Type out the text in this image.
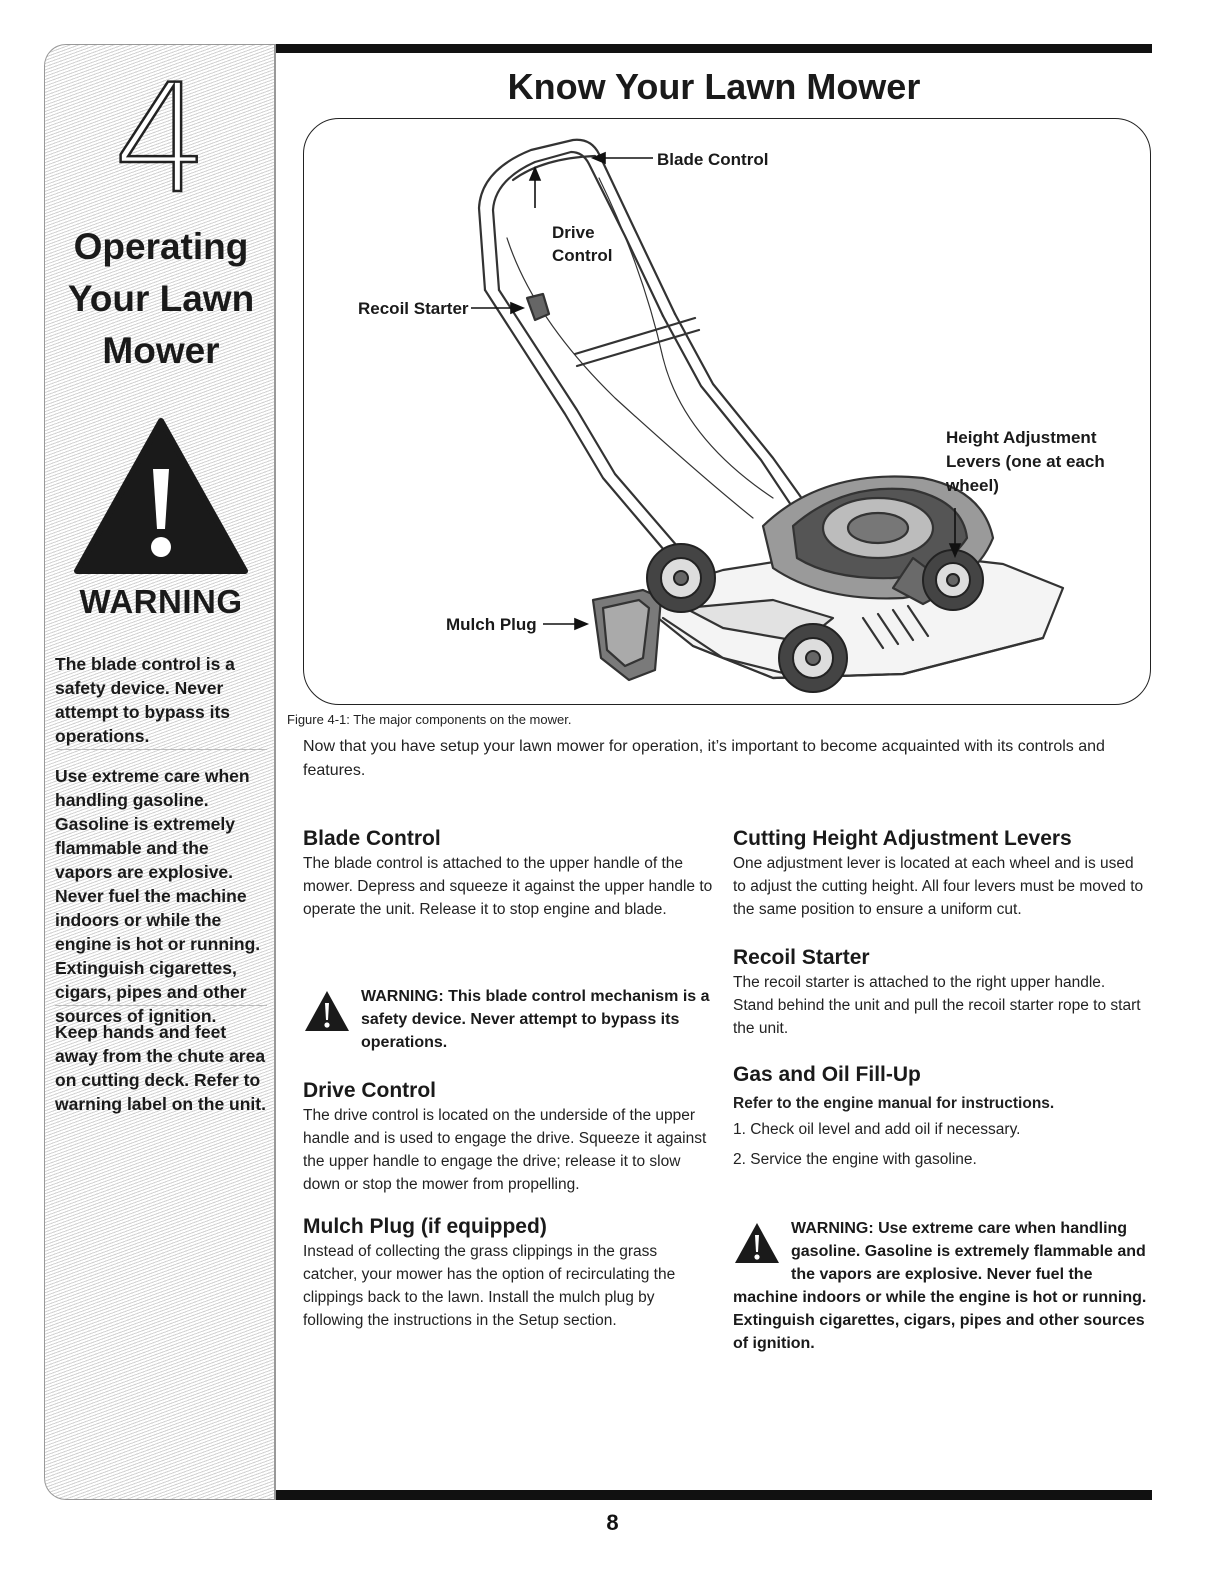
4
Operating
Your Lawn
Mower
WARNING
The blade control is a safety device. Never attempt to bypass its operations.
Use extreme care when handling gasoline. Gasoline is extremely flammable and the vapors are explosive. Never fuel the machine indoors or while the engine is hot or running. Extinguish cigarettes, cigars, pipes and other sources of ignition.
Keep hands and feet away from the chute area on cutting deck. Refer to warning label on the unit.
Know Your Lawn Mower
Blade Control
Drive
Control
Recoil Starter
Height Adjustment
Levers (one at each
wheel)
Mulch Plug
Figure 4-1: The major components on the mower.
Now that you have setup your lawn mower for operation, it’s important to become acquainted with its controls and features.
Blade Control

The blade control is attached to the upper handle of the mower. Depress and squeeze it against the upper handle to operate the unit. Release it to stop engine and blade.

WARNING: This blade control mechanism is a safety device. Never attempt to bypass its operations.
Drive Control

The drive control is located on the underside of the upper handle and is used to engage the drive. Squeeze it against the upper handle to engage the drive; release it to slow down or stop the mower from propelling.

Mulch Plug (if equipped)

Instead of collecting the grass clippings in the grass catcher, your mower has the option of recirculating the clippings back to the lawn. Install the mulch plug by following the instructions in the Setup section.

Cutting Height Adjustment Levers

One adjustment lever is located at each wheel and is used to adjust the cutting height. All four levers must be moved to the same position to ensure a uniform cut.

Recoil Starter

The recoil starter is attached to the right upper handle. Stand behind the unit and pull the recoil starter rope to start the unit.

Gas and Oil Fill-Up

Refer to the engine manual for instructions.

1. Check oil level and add oil if necessary.
2. Service the engine with gasoline.
WARNING: Use extreme care when handling gasoline. Gasoline is extremely flammable and the vapors are explosive. Never fuel the machine indoors or while the engine is hot or running. Extinguish cigarettes, cigars, pipes and other sources of ignition.
8
